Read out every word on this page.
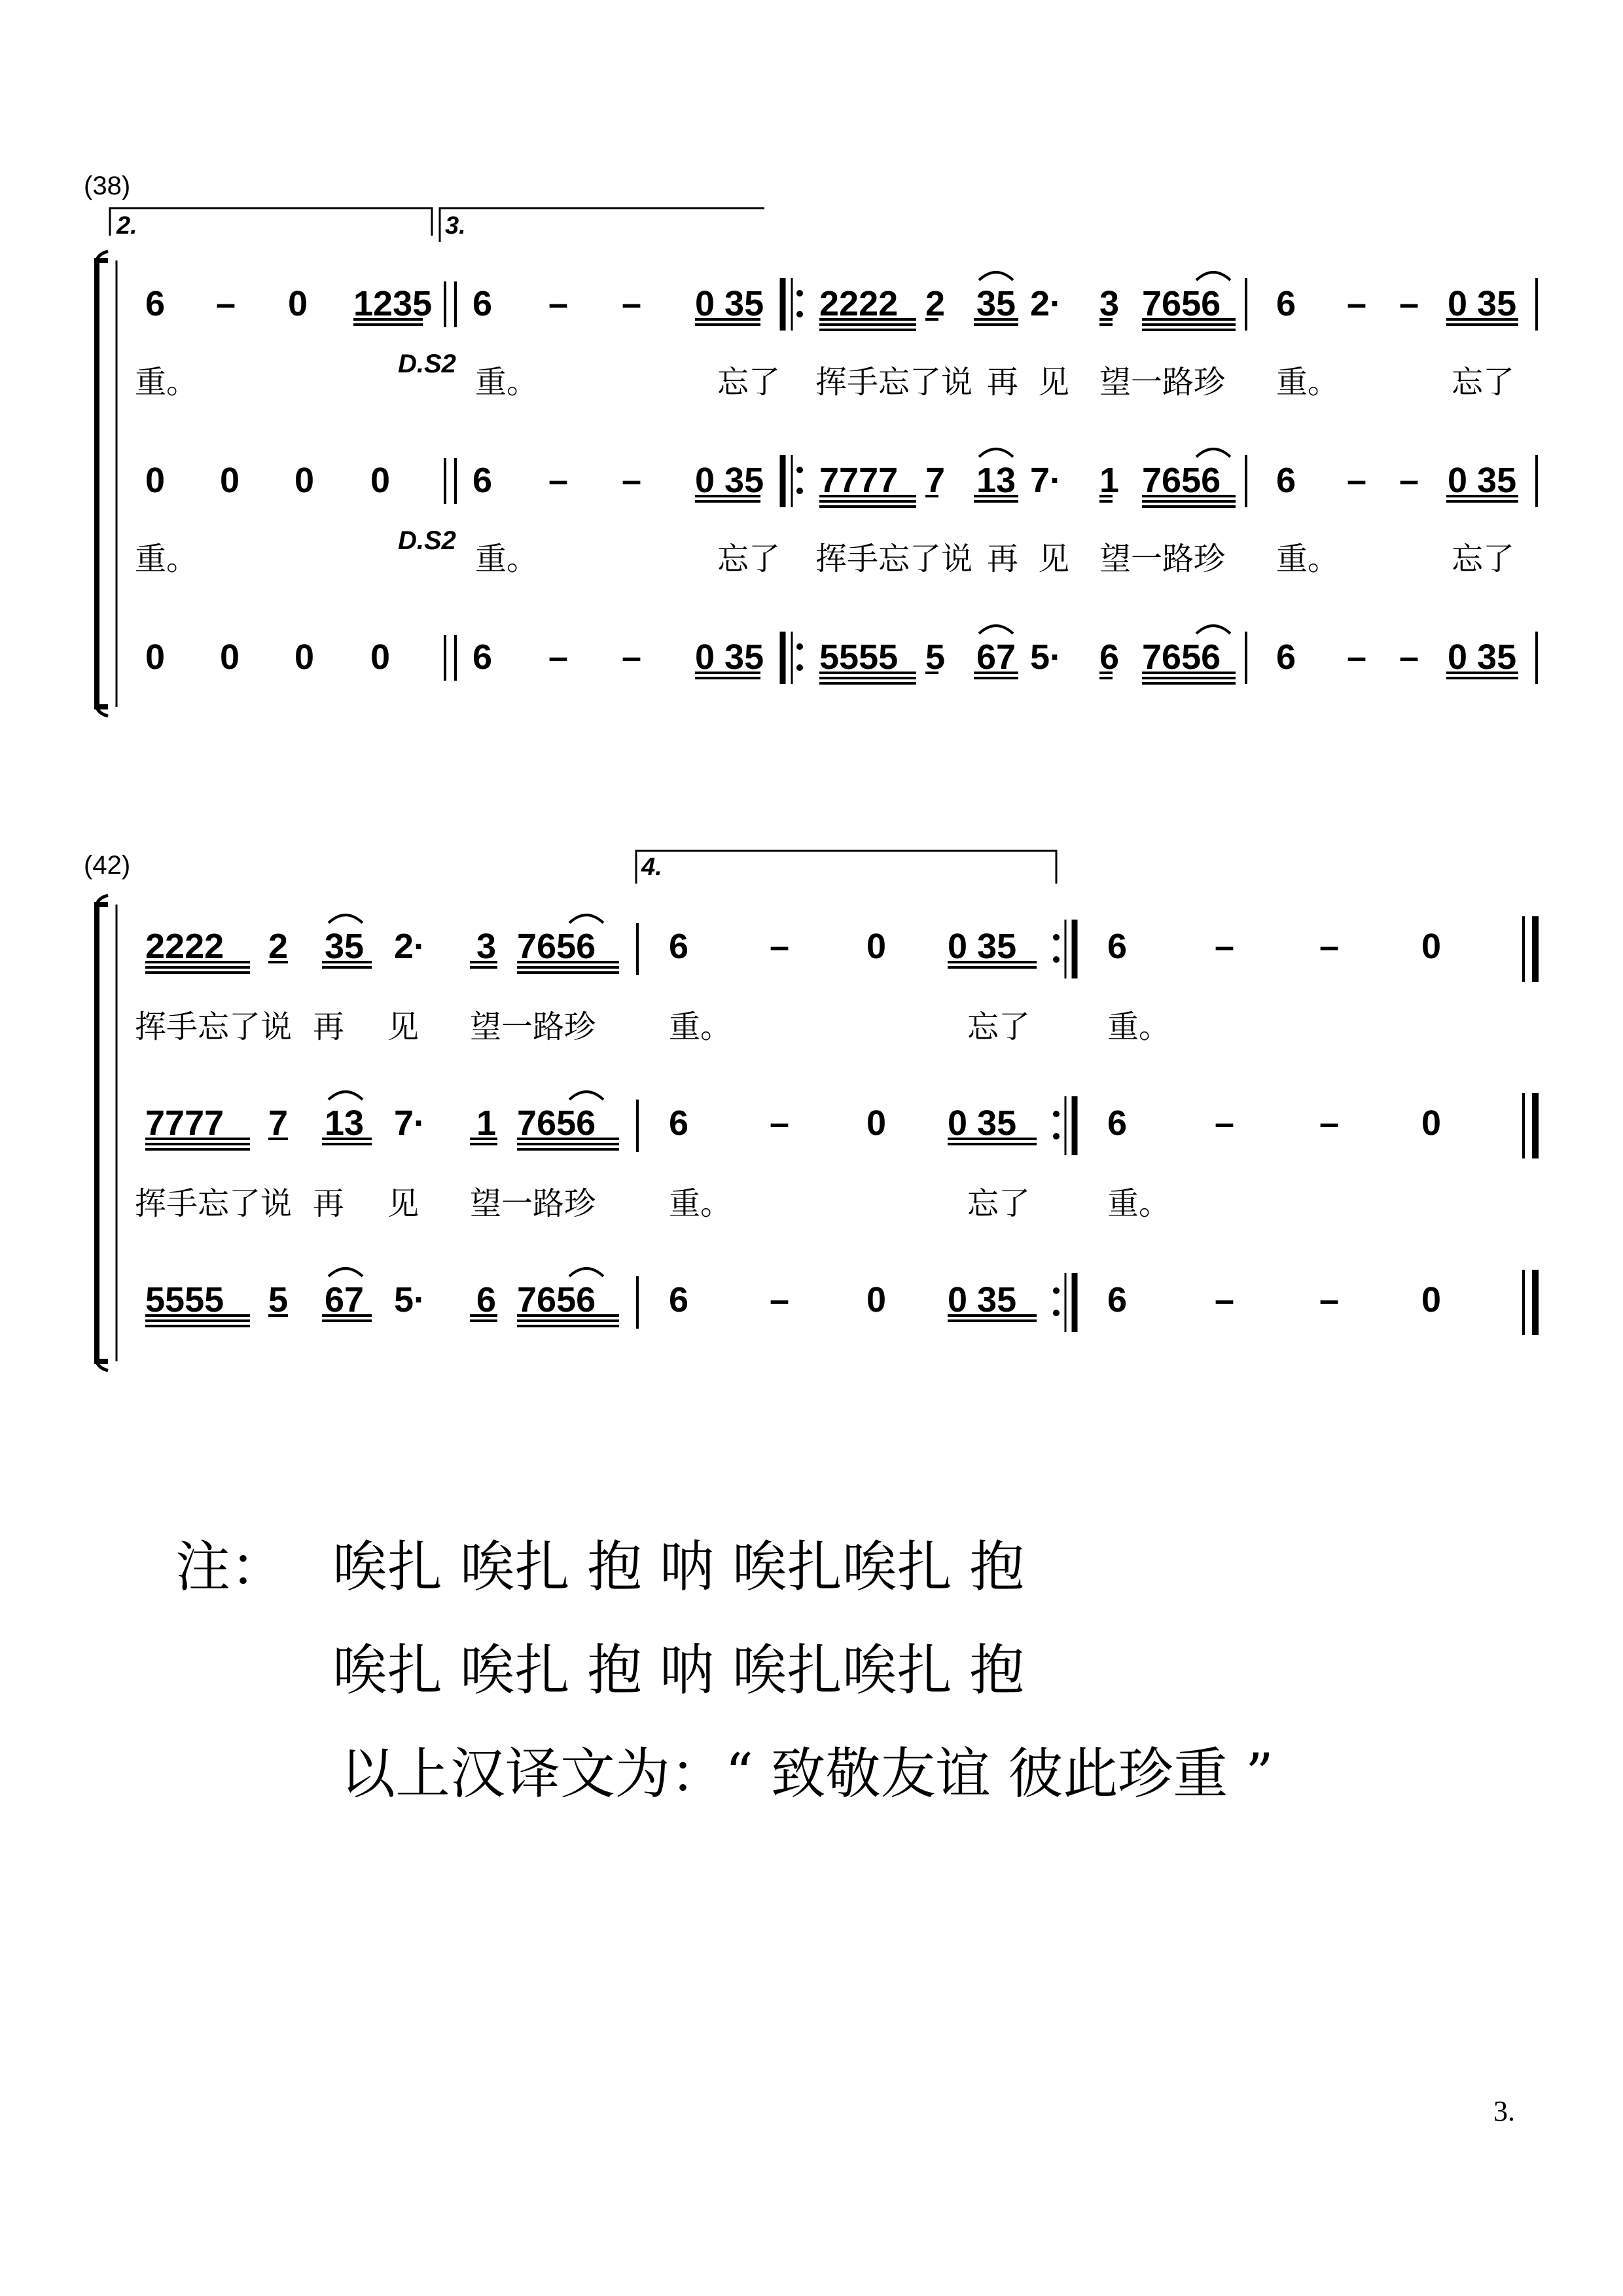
(38)
2.	3.
6 – 0 1235 6 – – 0 35 2222 2 35 2· 3 7656 6 – – 0 35
D.S2
重。	重。	忘了 挥手忘了说 再 见 望一路珍 重。	忘了
0 0 0 0 6 – – 0 35 7777 7 13 7· 1 7656 6 – – 0 35
D.S2
重。	重。	忘了 挥手忘了说 再 见 望一路珍 重。	忘了
0 0 0 0 6 – – 0 35 5555 5 67 5· 6 7656 6 – – 0 35
(42)	4.
2222 2 35 2· 3 7656 6 – 0 0 35	6 – – 0
挥手忘了说 再 见 望一路珍 重。	忘了 重。
7777 7 13 7· 1 7656 6 – 0 0 35	6 – – 0
挥手忘了说 再 见 望一路珍 重。	忘了 重。
5555 5 67 5· 6 7656 6 – 0 0 35	6 – – 0
注： 唉扎 唉扎 抱 呐 唉扎唉扎 抱
唉扎 唉扎 抱 呐 唉扎唉扎 抱
以上汉译文为：“ 致敬友谊 彼此珍重 ”
3.
